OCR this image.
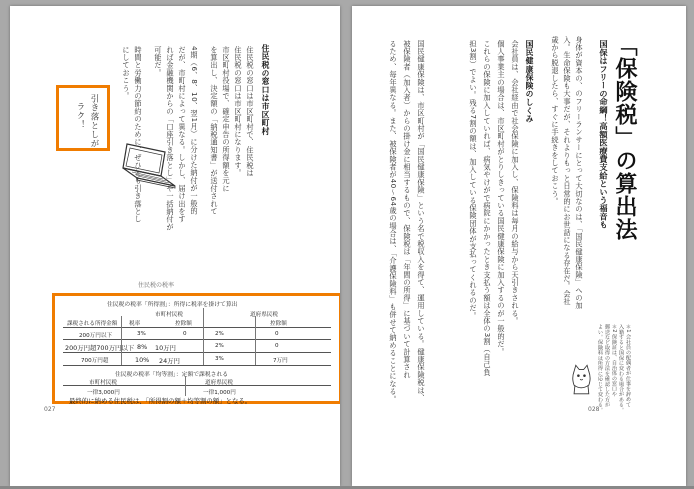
住民税の窓口は市区町村
住民税の窓口は市区町村で、住民税は
住民税の窓口は市区町村になります。
市区町村役場で、確定申告の所得額を元に
を算出し、決定額の「納税通知書」が送付されて
4期（6、8、10、翌1月）に分けた納付が一般的
だが、市町村によって異なる。しかし、届け出をす
れば金融機関からの「口座引き落とし」や一括納付が
可能だ。
時間と労働力の節約のために、ぜひとも引き落とし
にしておこう。
引き落としが
ラク！
住民税の税率
住民税の税率「所得割」：所得に税率を掛けて算出
市町村民税	道府県民税
課税される所得金額 税率	控除額	控除額
200万円以下	3%	0	2%	0
200万円超700万円以下 8% 10万円	2%	0
700万円超	10% 24万円	3%	7万円
住民税の税率「均等割」：定額で課税される
市町村民税	道府県民税
一律3,000円	一律1,000円
最終的に納める住民税は、「所得割の額＋均等割の額」となる。
027
「保険税」の算出法
国保はフリーの命綱！高額医療費支給という福音も
身体が資本の、のフリーランサーにとって大切なのは、「国民健康保険」への加
入。生命保険も大事だが、それよりもっと日常的にお世話になる存在だ。会社
歳から脱退したら、すぐに手続きをしておこう。
国民健康保険のしくみ
会社員は、会社経由で社会保険に加入し、保険料は毎月の給与から天引きされる。
個人事業主の場合は、市区町村がとりしきっている国民健康保険に加入するのが一般的だ。
これらの保険に加入していれば、病気やけがで病院にかかったとき支払う額は全体の3割（自己負
担3割）でよい。残る7割の額は、加入している保険団体が支払ってくれるのだ。
国民健康保険は、市区町村が「国民健康保険」という名で税収入を得て、運用している。健康保険税は、
被保険者（加入者）からの掛け金に相当するもので、保険税は「年間の所得」に基づいて計算され
るため、毎年異なる。また、被保険者が40〜64歳の場合は、「介護保険料」も併せて納めることになる。	＊1 会社員の配偶者が仕事を辞めて
入籍すると国保に変わる場合がある。
＊2 保険証は、自治体の窓口や
郵送など取得の方法を確認した方が
よい。保険料は所得に応じて変わる。
028
